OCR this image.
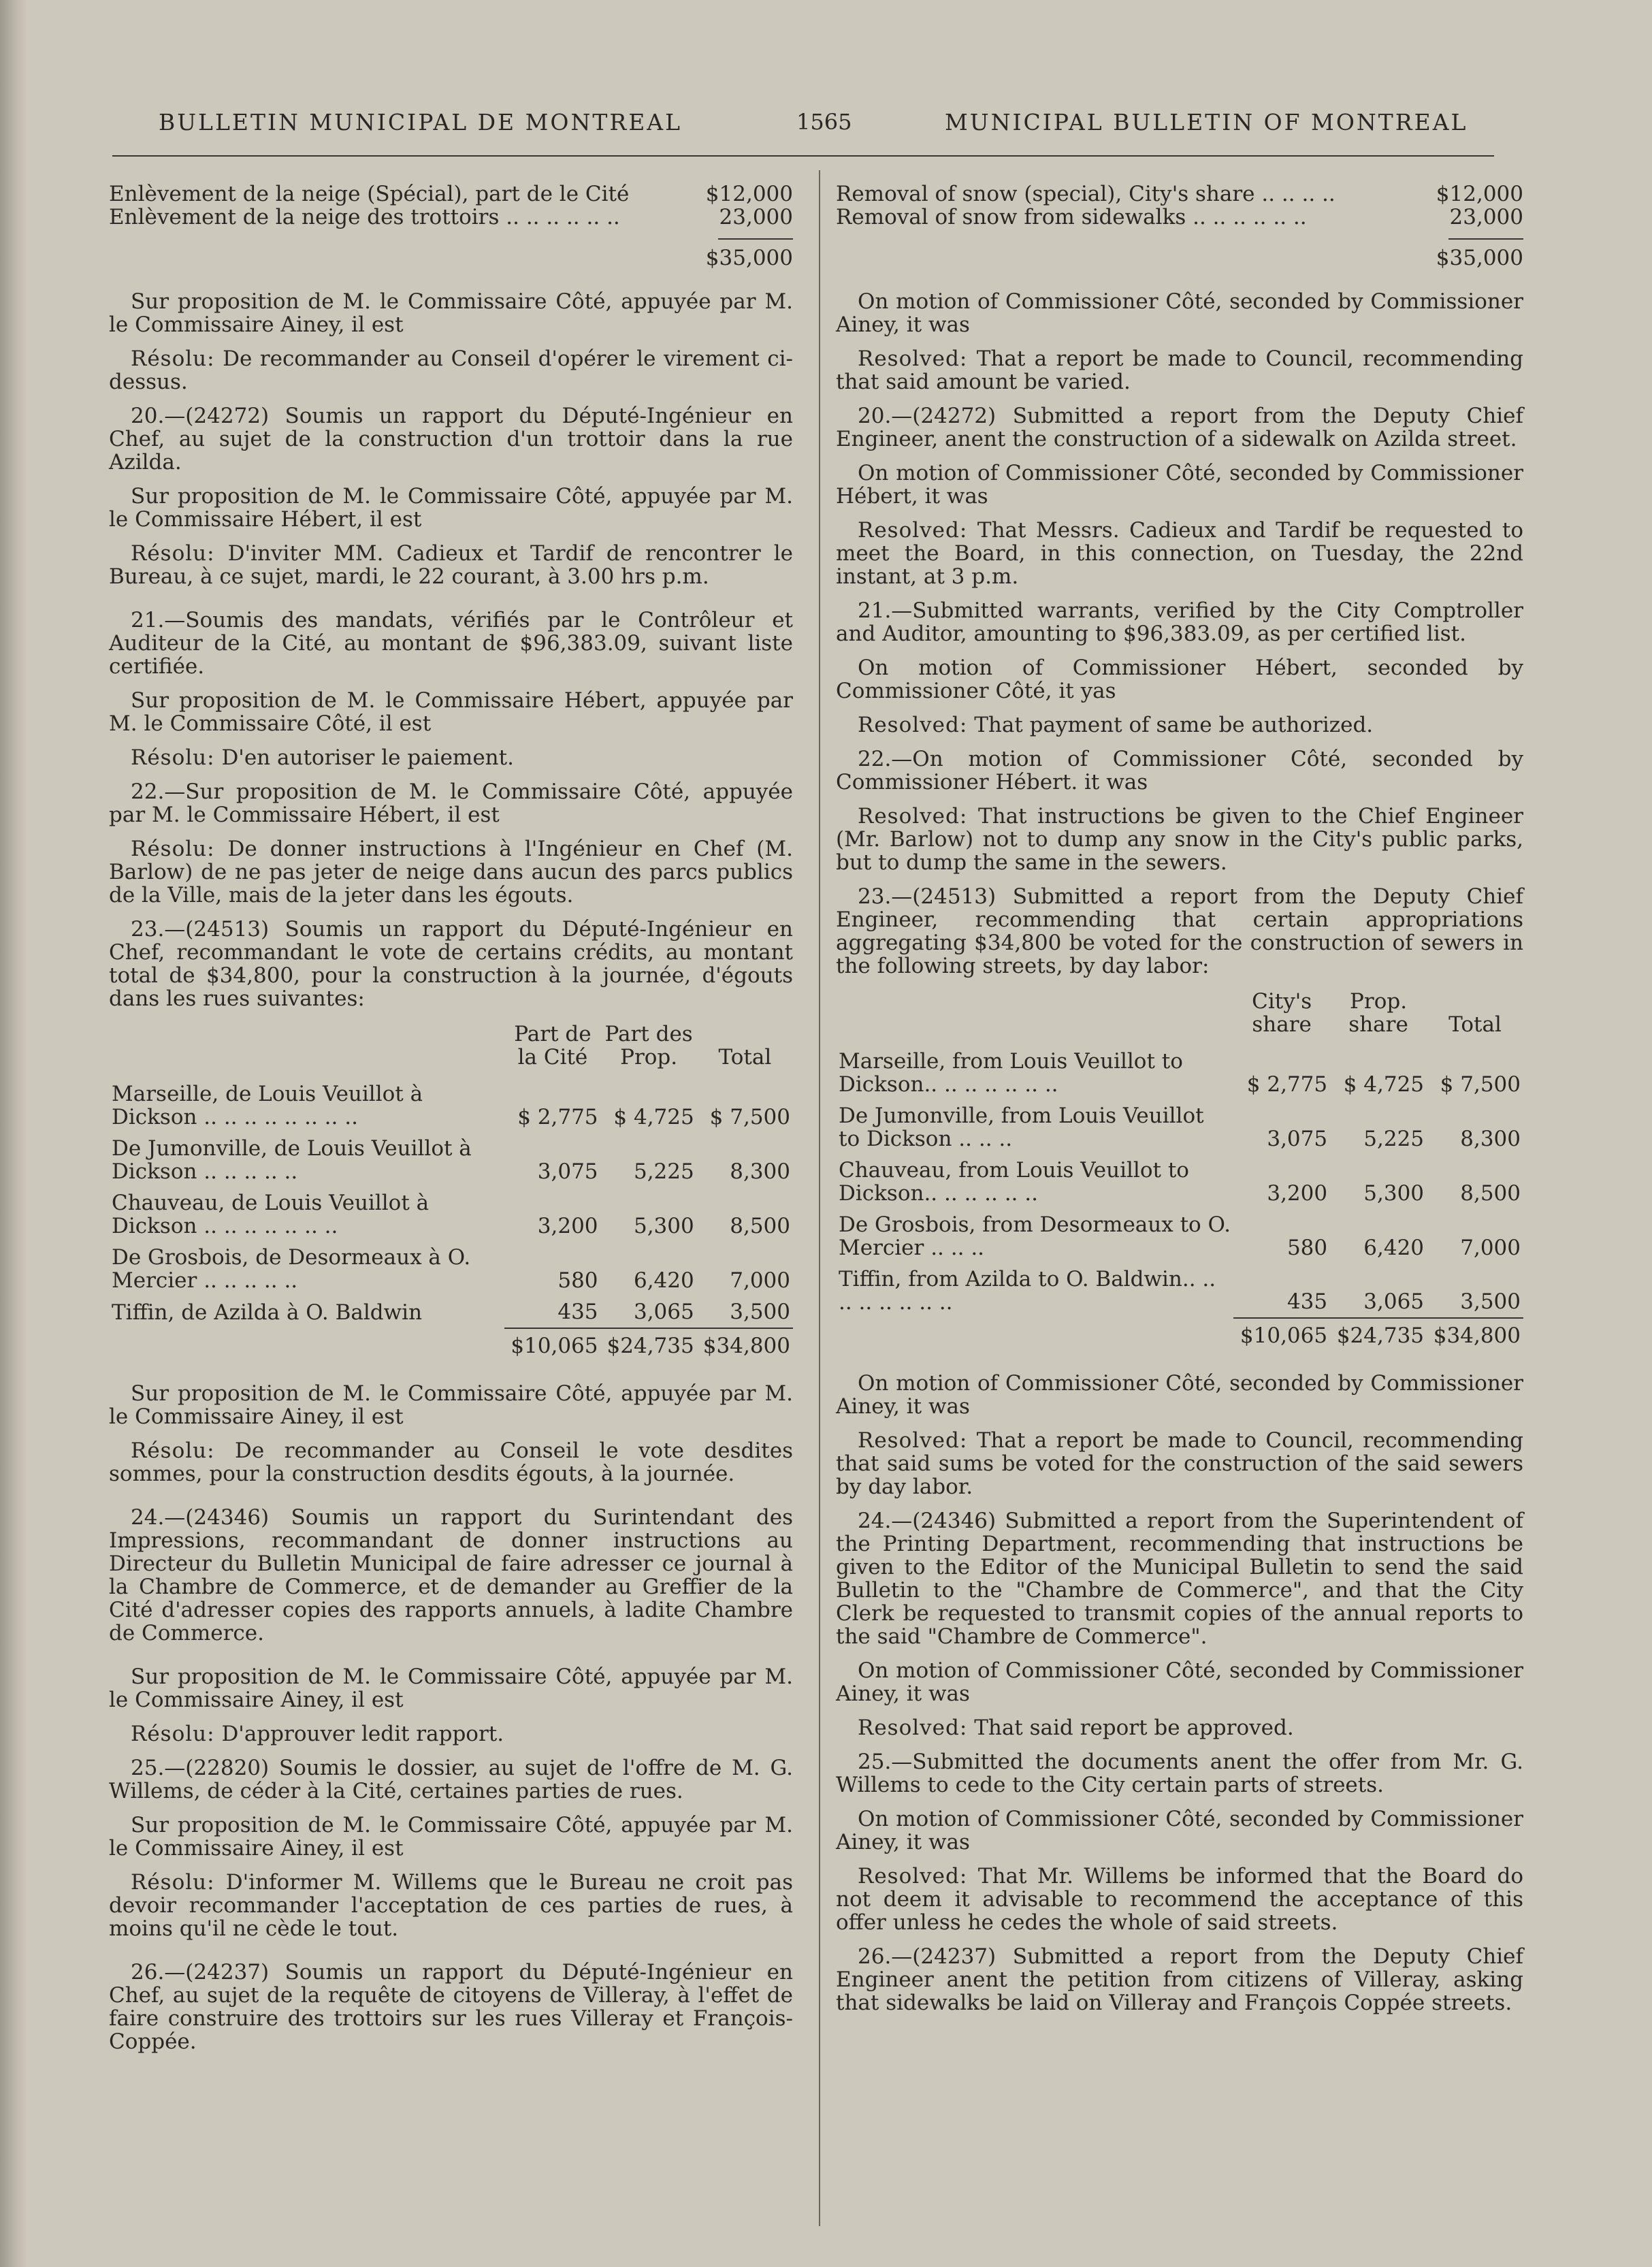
BULLETIN MUNICIPAL DE MONTREAL	1565	MUNICIPAL BULLETIN OF MONTREAL
Enlèvement de la neige (Spécial), part de le Cité	$12,000
Enlèvement de la neige des trottoirs .. .. .. .. .. ..	23,000
$35,000

Sur proposition de M. le Commissaire Côté, appuyée par M. le Commissaire Ainey, il est

Résolu: De recommander au Conseil d'opérer le virement ci-dessus.

20.—(24272) Soumis un rapport du Député-Ingénieur en Chef, au sujet de la construction d'un trottoir dans la rue Azilda.

Sur proposition de M. le Commissaire Côté, appuyée par M. le Commissaire Hébert, il est

Résolu: D'inviter MM. Cadieux et Tardif de rencontrer le Bureau, à ce sujet, mardi, le 22 courant, à 3.00 hrs p.m.

21.—Soumis des mandats, vérifiés par le Contrôleur et Auditeur de la Cité, au montant de $96,383.09, suivant liste certifiée.

Sur proposition de M. le Commissaire Hébert, appuyée par M. le Commissaire Côté, il est

Résolu: D'en autoriser le paiement.

22.—Sur proposition de M. le Commissaire Côté, appuyée par M. le Commissaire Hébert, il est

Résolu: De donner instructions à l'Ingénieur en Chef (M. Barlow) de ne pas jeter de neige dans aucun des parcs publics de la Ville, mais de la jeter dans les égouts.

23.—(24513) Soumis un rapport du Député-Ingénieur en Chef, recommandant le vote de certains crédits, au montant total de $34,800, pour la construction à la journée, d'égouts dans les rues suivantes:

	Part de la Cité	Part des Prop.	Total
Marseille, de Louis Veuillot à Dickson .. .. .. .. .. .. .. ..	$ 2,775	$ 4,725	$ 7,500
De Jumonville, de Louis Veuillot à Dickson .. .. .. .. ..	3,075	5,225	8,300
Chauveau, de Louis Veuillot à Dickson .. .. .. .. .. .. ..	3,200	5,300	8,500
De Grosbois, de Desormeaux à O. Mercier .. .. .. .. ..	580	6,420	7,000
Tiffin, de Azilda à O. Baldwin	435	3,065	3,500
	$10,065	$24,735	$34,800

Sur proposition de M. le Commissaire Côté, appuyée par M. le Commissaire Ainey, il est

Résolu: De recommander au Conseil le vote desdites sommes, pour la construction desdits égouts, à la journée.

24.—(24346) Soumis un rapport du Surintendant des Impressions, recommandant de donner instructions au Directeur du Bulletin Municipal de faire adresser ce journal à la Chambre de Commerce, et de demander au Greffier de la Cité d'adresser copies des rapports annuels, à ladite Chambre de Commerce.

Sur proposition de M. le Commissaire Côté, appuyée par M. le Commissaire Ainey, il est

Résolu: D'approuver ledit rapport.

25.—(22820) Soumis le dossier, au sujet de l'offre de M. G. Willems, de céder à la Cité, certaines parties de rues.

Sur proposition de M. le Commissaire Côté, appuyée par M. le Commissaire Ainey, il est

Résolu: D'informer M. Willems que le Bureau ne croit pas devoir recommander l'acceptation de ces parties de rues, à moins qu'il ne cède le tout.

26.—(24237) Soumis un rapport du Député-Ingénieur en Chef, au sujet de la requête de citoyens de Villeray, à l'effet de faire construire des trottoirs sur les rues Villeray et François-Coppée.

Removal of snow (special), City's share .. .. .. ..	$12,000
Removal of snow from sidewalks .. .. .. .. .. ..	23,000
$35,000

On motion of Commissioner Côté, seconded by Commissioner Ainey, it was

Resolved: That a report be made to Council, recommending that said amount be varied.

20.—(24272) Submitted a report from the Deputy Chief Engineer, anent the construction of a sidewalk on Azilda street.

On motion of Commissioner Côté, seconded by Commissioner Hébert, it was

Resolved: That Messrs. Cadieux and Tardif be requested to meet the Board, in this connection, on Tuesday, the 22nd instant, at 3 p.m.

21.—Submitted warrants, verified by the City Comptroller and Auditor, amounting to $96,383.09, as per certified list.

On motion of Commissioner Hébert, seconded by Commissioner Côté, it yas

Resolved: That payment of same be authorized.

22.—On motion of Commissioner Côté, seconded by Commissioner Hébert. it was

Resolved: That instructions be given to the Chief Engineer (Mr. Barlow) not to dump any snow in the City's public parks, but to dump the same in the sewers.

23.—(24513) Submitted a report from the Deputy Chief Engineer, recommending that certain appropriations aggregating $34,800 be voted for the construction of sewers in the following streets, by day labor:

	City's share	Prop. share	Total
Marseille, from Louis Veuillot to Dickson.. .. .. .. .. .. ..	$ 2,775	$ 4,725	$ 7,500
De Jumonville, from Louis Veuillot to Dickson .. .. ..	3,075	5,225	8,300
Chauveau, from Louis Veuillot to Dickson.. .. .. .. .. ..	3,200	5,300	8,500
De Grosbois, from Desormeaux to O. Mercier .. .. ..	580	6,420	7,000
Tiffin, from Azilda to O. Baldwin.. .. .. .. .. .. .. ..	435	3,065	3,500
	$10,065	$24,735	$34,800

On motion of Commissioner Côté, seconded by Commissioner Ainey, it was

Resolved: That a report be made to Council, recommending that said sums be voted for the construction of the said sewers by day labor.

24.—(24346) Submitted a report from the Superintendent of the Printing Department, recommending that instructions be given to the Editor of the Municipal Bulletin to send the said Bulletin to the "Chambre de Commerce", and that the City Clerk be requested to transmit copies of the annual reports to the said "Chambre de Commerce".

On motion of Commissioner Côté, seconded by Commissioner Ainey, it was

Resolved: That said report be approved.

25.—Submitted the documents anent the offer from Mr. G. Willems to cede to the City certain parts of streets.

On motion of Commissioner Côté, seconded by Commissioner Ainey, it was

Resolved: That Mr. Willems be informed that the Board do not deem it advisable to recommend the acceptance of this offer unless he cedes the whole of said streets.

26.—(24237) Submitted a report from the Deputy Chief Engineer anent the petition from citizens of Villeray, asking that sidewalks be laid on Villeray and François Coppée streets.
